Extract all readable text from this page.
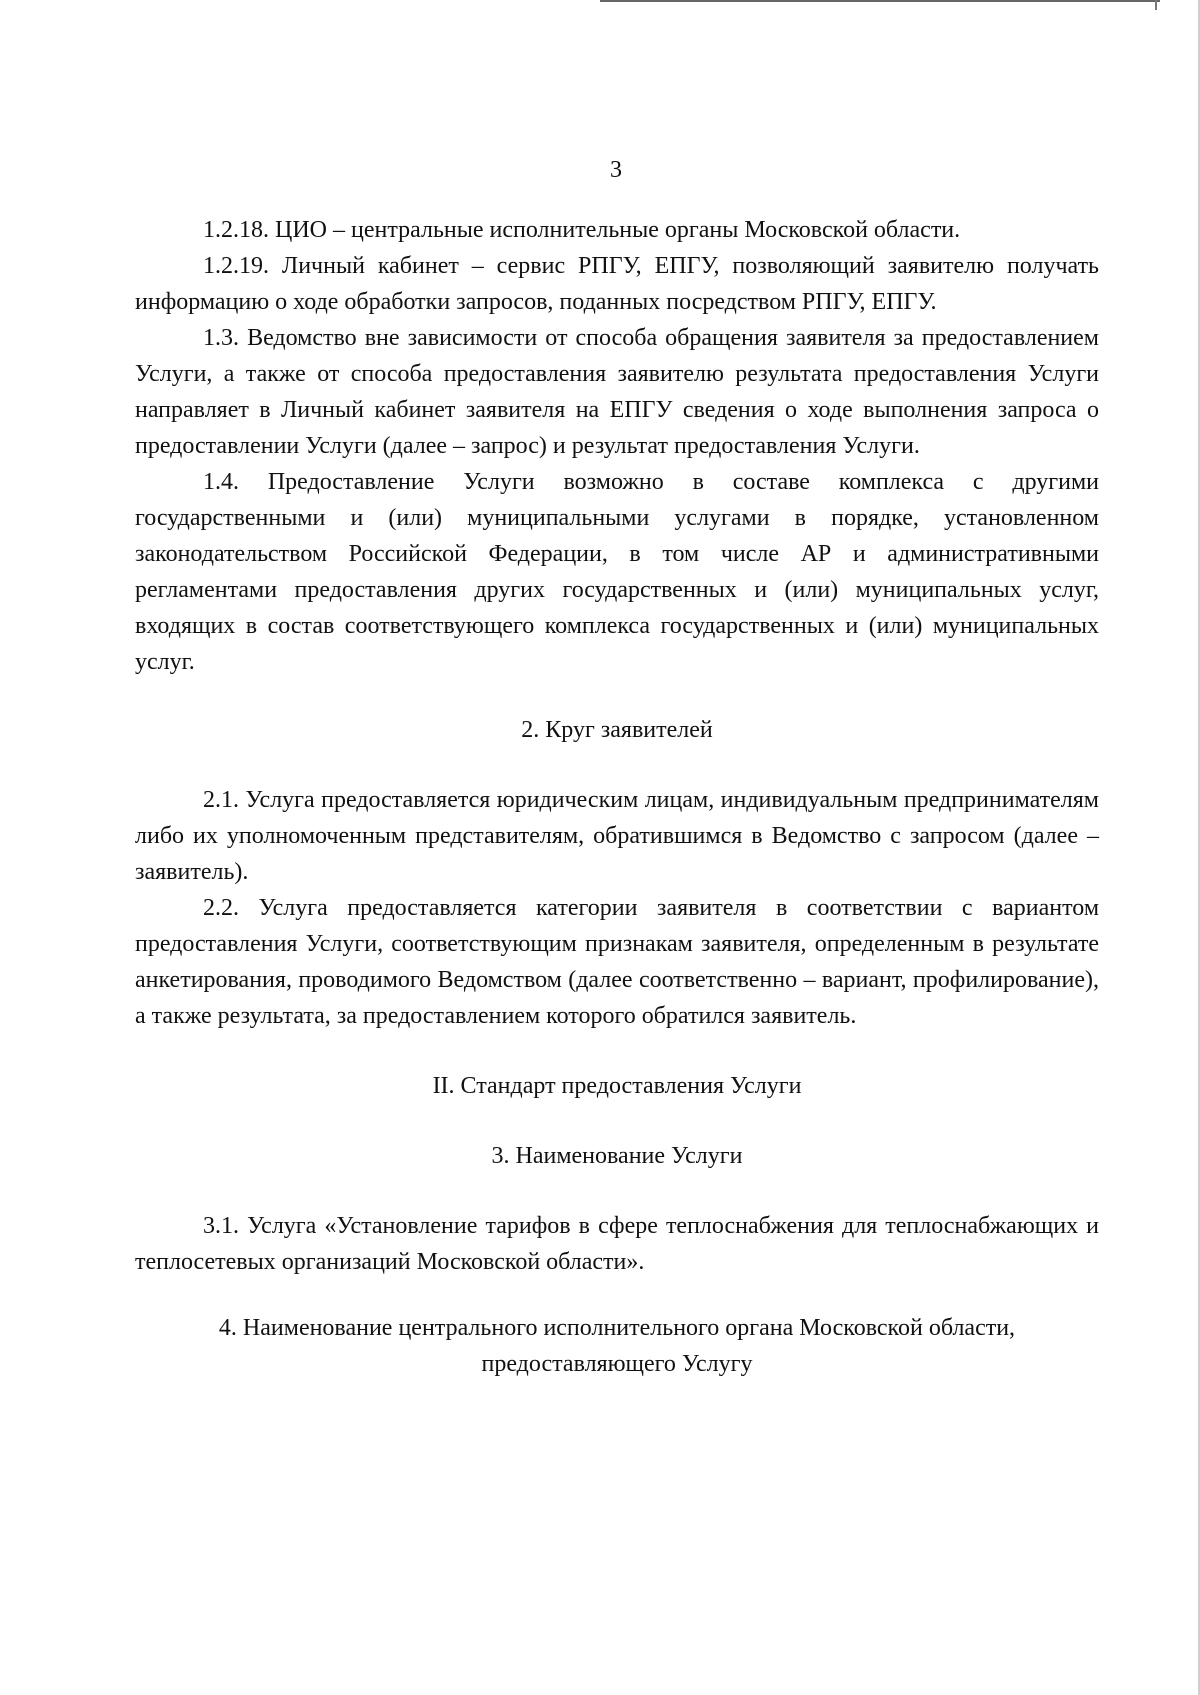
3

1.2.18. ЦИО – центральные исполнительные органы Московской области.

1.2.19. Личный кабинет – сервис РПГУ, ЕПГУ, позволяющий заявителю получать информацию о ходе обработки запросов, поданных посредством РПГУ, ЕПГУ.

1.3. Ведомство вне зависимости от способа обращения заявителя за предоставлением Услуги, а также от способа предоставления заявителю результата предоставления Услуги направляет в Личный кабинет заявителя на ЕПГУ сведения о ходе выполнения запроса о предоставлении Услуги (далее – запрос) и результат предоставления Услуги.

1.4. Предоставление Услуги возможно в составе комплекса с другими государственными и (или) муниципальными услугами в порядке, установленном законодательством Российской Федерации, в том числе АР и административными регламентами предоставления других государственных и (или) муниципальных услуг, входящих в состав соответствующего комплекса государственных и (или) муниципальных услуг.

2. Круг заявителей

2.1. Услуга предоставляется юридическим лицам, индивидуальным предпринимателям либо их уполномоченным представителям, обратившимся в Ведомство с запросом (далее – заявитель).

2.2. Услуга предоставляется категории заявителя в соответствии с вариантом предоставления Услуги, соответствующим признакам заявителя, определенным в результате анкетирования, проводимого Ведомством (далее соответственно – вариант, профилирование), а также результата, за предоставлением которого обратился заявитель.

II. Стандарт предоставления Услуги
3. Наименование Услуги

3.1. Услуга «Установление тарифов в сфере теплоснабжения для теплоснабжающих и теплосетевых организаций Московской области».

4. Наименование центрального исполнительного органа Московской области,
предоставляющего Услугу
